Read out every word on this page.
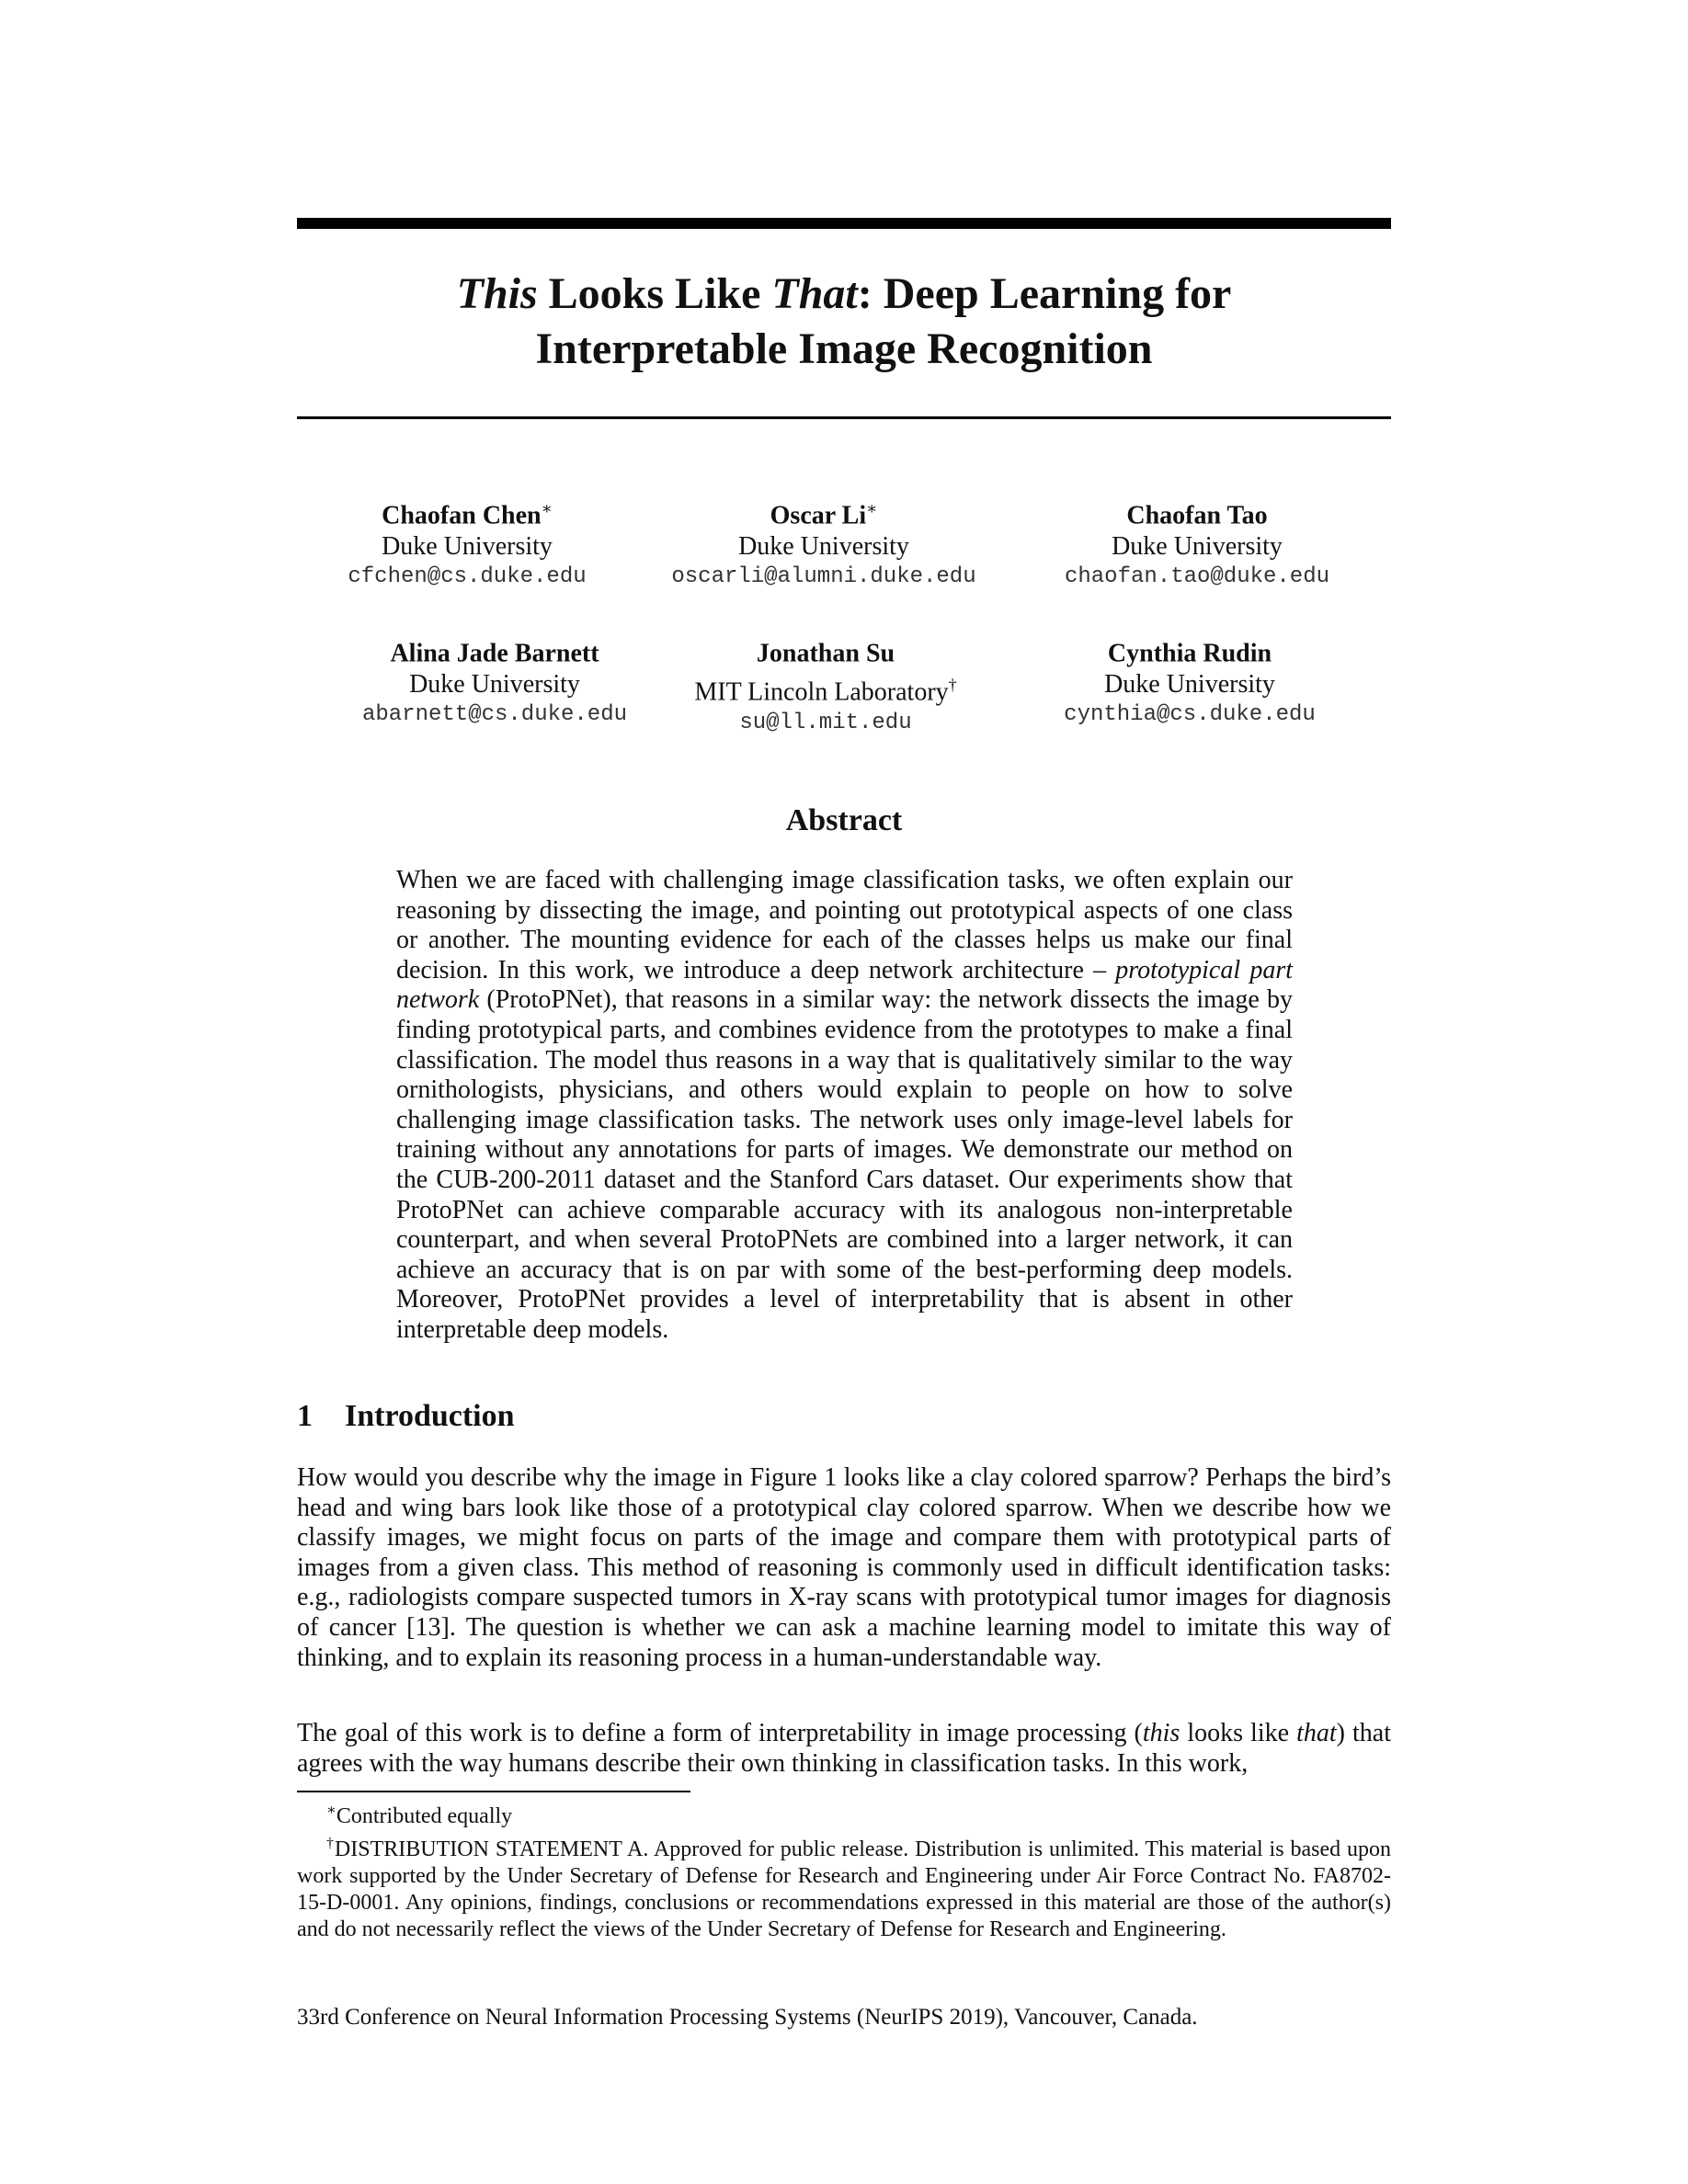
This Looks Like That: Deep Learning for
Interpretable Image Recognition
Chaofan Chen∗
Duke University
cfchen@cs.duke.edu
Oscar Li∗
Duke University
oscarli@alumni.duke.edu
Chaofan Tao
Duke University
chaofan.tao@duke.edu
Alina Jade Barnett
Duke University
abarnett@cs.duke.edu
Jonathan Su
MIT Lincoln Laboratory†
su@ll.mit.edu
Cynthia Rudin
Duke University
cynthia@cs.duke.edu
Abstract
When we are faced with challenging image classification tasks, we often explain our reasoning by dissecting the image, and pointing out prototypical aspects of one class or another. The mounting evidence for each of the classes helps us make our final decision. In this work, we introduce a deep network architecture – prototypical part network (ProtoPNet), that reasons in a similar way: the network dissects the image by finding prototypical parts, and combines evidence from the prototypes to make a final classification. The model thus reasons in a way that is qualitatively similar to the way ornithologists, physicians, and others would explain to people on how to solve challenging image classification tasks. The network uses only image-level labels for training without any annotations for parts of images. We demonstrate our method on the CUB-200-2011 dataset and the Stanford Cars dataset. Our experiments show that ProtoPNet can achieve comparable accuracy with its analogous non-interpretable counterpart, and when several ProtoPNets are combined into a larger network, it can achieve an accuracy that is on par with some of the best-performing deep models. Moreover, ProtoPNet provides a level of interpretability that is absent in other interpretable deep models.
1 Introduction
How would you describe why the image in Figure 1 looks like a clay colored sparrow? Perhaps the bird’s head and wing bars look like those of a prototypical clay colored sparrow. When we describe how we classify images, we might focus on parts of the image and compare them with prototypical parts of images from a given class. This method of reasoning is commonly used in difficult identification tasks: e.g., radiologists compare suspected tumors in X-ray scans with prototypical tumor images for diagnosis of cancer [13]. The question is whether we can ask a machine learning model to imitate this way of thinking, and to explain its reasoning process in a human-understandable way.
The goal of this work is to define a form of interpretability in image processing (this looks like that) that agrees with the way humans describe their own thinking in classification tasks. In this work,

∗Contributed equally

†DISTRIBUTION STATEMENT A. Approved for public release. Distribution is unlimited. This material is based upon work supported by the Under Secretary of Defense for Research and Engineering under Air Force Contract No. FA8702-15-D-0001. Any opinions, findings, conclusions or recommendations expressed in this material are those of the author(s) and do not necessarily reflect the views of the Under Secretary of Defense for Research and Engineering.

33rd Conference on Neural Information Processing Systems (NeurIPS 2019), Vancouver, Canada.
